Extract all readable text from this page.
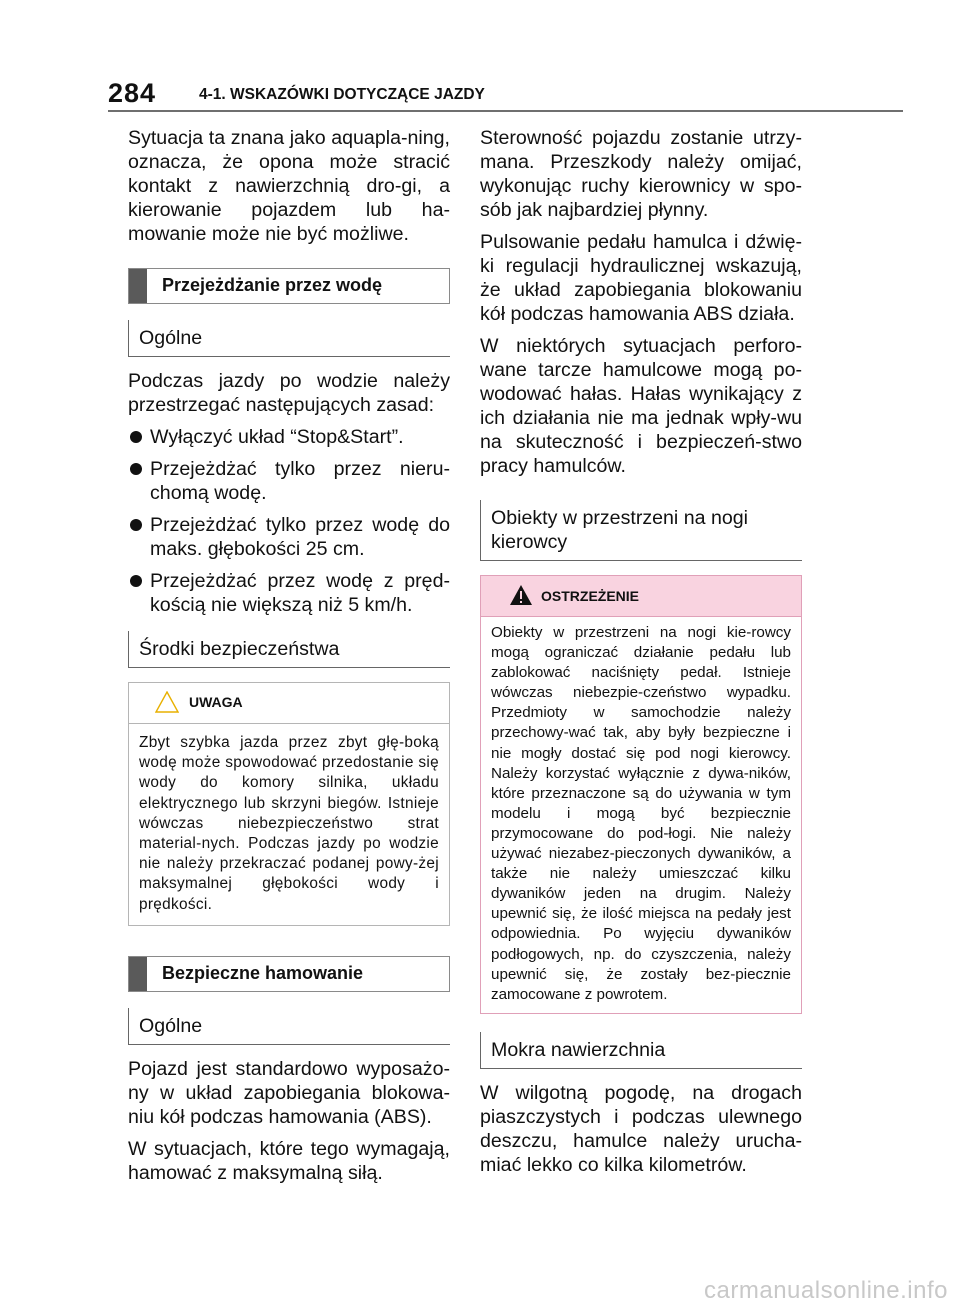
284	4-1. WSKAZÓWKI DOTYCZĄCE JAZDY

Sytuacja ta znana jako aquapla-ning, oznacza, że opona może stracić kontakt z nawierzchnią dro-gi, a kierowanie pojazdem lub ha-mowanie może nie być możliwe.

Przejeżdżanie przez wodę
Ogólne

Podczas jazdy po wodzie należy przestrzegać następujących zasad:

Wyłączyć układ “Stop&Start”.
Przejeżdżać tylko przez nieru-chomą wodę.
Przejeżdżać tylko przez wodę do maks. głębokości 25 cm.
Przejeżdżać przez wodę z pręd-kością nie większą niż 5 km/h.
Środki bezpieczeństwa
UWAGA
Zbyt szybka jazda przez zbyt głę-boką wodę może spowodować przedostanie się wody do komory silnika, układu elektrycznego lub skrzyni biegów. Istnieje wówczas niebezpieczeństwo strat material-nych. Podczas jazdy po wodzie nie należy przekraczać podanej powy-żej maksymalnej głębokości wody i prędkości.
Bezpieczne hamowanie
Ogólne

Pojazd jest standardowo wyposażo-ny w układ zapobiegania blokowa-niu kół podczas hamowania (ABS).

W sytuacjach, które tego wymagają, hamować z maksymalną siłą.

Sterowność pojazdu zostanie utrzy-mana. Przeszkody należy omijać, wykonując ruchy kierownicy w spo-sób jak najbardziej płynny.

Pulsowanie pedału hamulca i dźwię-ki regulacji hydraulicznej wskazują, że układ zapobiegania blokowaniu kół podczas hamowania ABS działa.

W niektórych sytuacjach perforo-wane tarcze hamulcowe mogą po-wodować hałas. Hałas wynikający z ich działania nie ma jednak wpły-wu na skuteczność i bezpieczeń-stwo pracy hamulców.

Obiekty w przestrzeni na nogi kierowcy
OSTRZEŻENIE
Obiekty w przestrzeni na nogi kie-rowcy mogą ograniczać działanie pedału lub zablokować naciśnięty pedał. Istnieje wówczas niebezpie-czeństwo wypadku. Przedmioty w samochodzie należy przechowy-wać tak, aby były bezpieczne i nie mogły dostać się pod nogi kierowcy. Należy korzystać wyłącznie z dywa-ników, które przeznaczone są do używania w tym modelu i mogą być bezpiecznie przymocowane do pod-łogi. Nie należy używać niezabez-pieczonych dywaników, a także nie należy umieszczać kilku dywaników jeden na drugim. Należy upewnić się, że ilość miejsca na pedały jest odpowiednia. Po wyjęciu dywaników podłogowych, np. do czyszczenia, należy upewnić się, że zostały bez-piecznie zamocowane z powrotem.
Mokra nawierzchnia

W wilgotną pogodę, na drogach piaszczystych i podczas ulewnego deszczu, hamulce należy urucha-miać lekko co kilka kilometrów.

carmanualsonline.info
